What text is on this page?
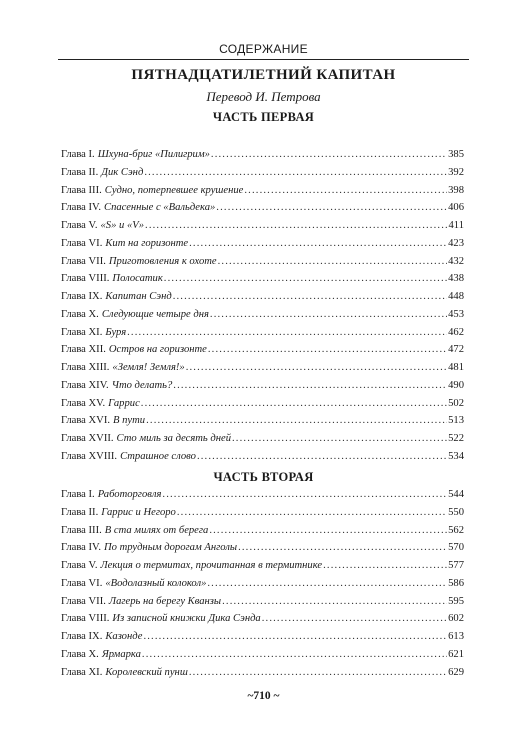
СОДЕРЖАНИЕ
ПЯТНАДЦАТИЛЕТНИЙ КАПИТАН
Перевод И. Петрова
ЧАСТЬ ПЕРВАЯ
Глава I. Шхуна-бриг «Пилигрим» . . .	385
Глава II. Дик Сэнд . . .	392
Глава III. Судно, потерпевшее крушение . . .	398
Глава IV. Спасенные с «Вальдека» . . .	406
Глава V. «S» и «V» . . .	411
Глава VI. Кит на горизонте . . .	423
Глава VII. Приготовления к охоте . . .	432
Глава VIII. Полосатик . . .	438
Глава IX. Капитан Сэнд . . .	448
Глава X. Следующие четыре дня . . .	453
Глава XI. Буря . . .	462
Глава XII. Остров на горизонте . . .	472
Глава XIII. «Земля! Земля!» . . .	481
Глава XIV. Что делать? . . .	490
Глава XV. Гаррис . . .	502
Глава XVI. В пути . . .	513
Глава XVII. Сто миль за десять дней . . .	522
Глава XVIII. Страшное слово . . .	534
ЧАСТЬ ВТОРАЯ
Глава I. Работорговля . . .	544
Глава II. Гаррис и Негоро . . .	550
Глава III. В ста милях от берега . . .	562
Глава IV. По трудным дорогам Анголы . . .	570
Глава V. Лекция о термитах, прочитанная в термитнике . . .	577
Глава VI. «Водолазный колокол» . . .	586
Глава VII. Лагерь на берегу Кванзы . . .	595
Глава VIII. Из записной книжки Дика Сэнда . . .	602
Глава IX. Казонде . . .	613
Глава X. Ярмарка . . .	621
Глава XI. Королевский пунш . . .	629
~710 ~
